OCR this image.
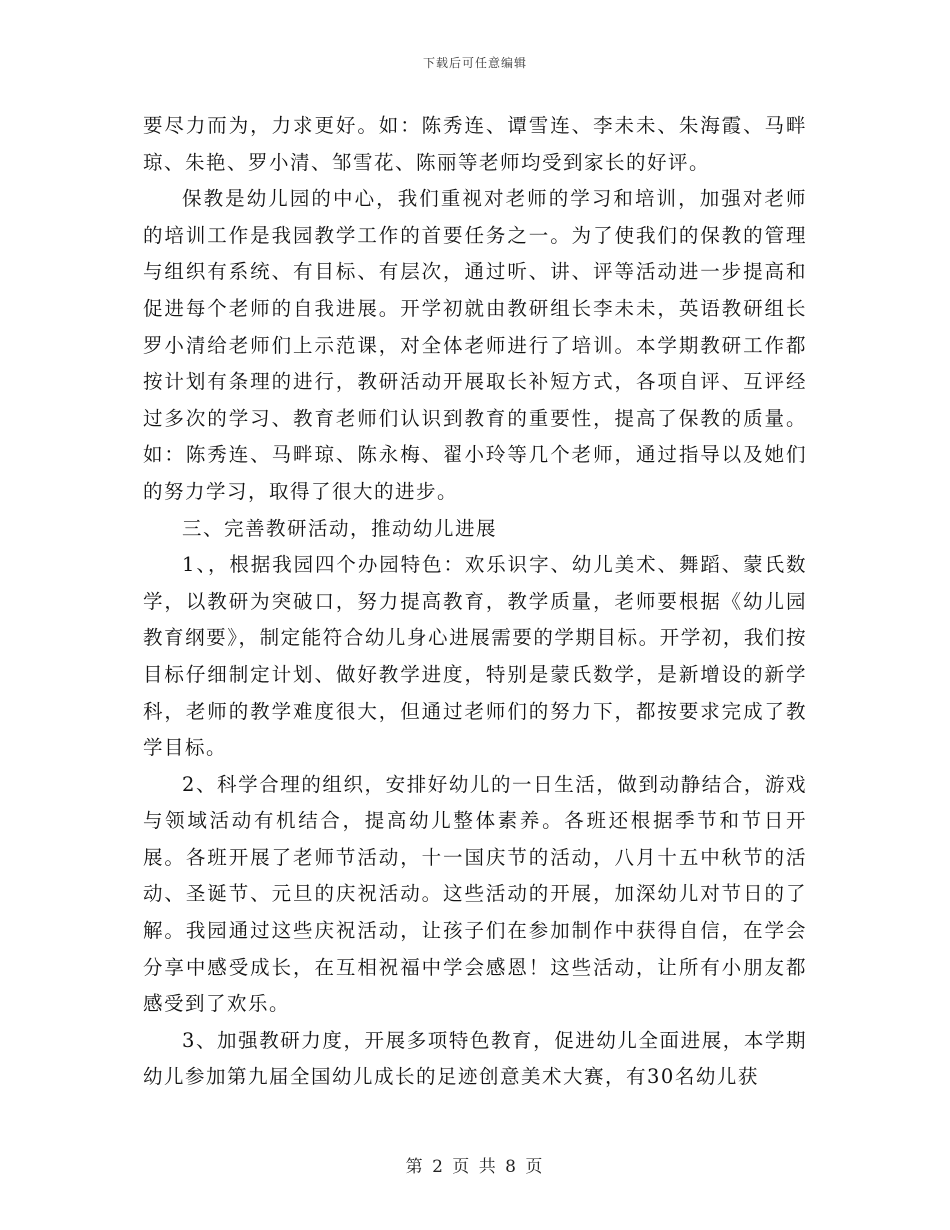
下载后可任意编辑

要尽力而为，力求更好。如：陈秀连、谭雪连、李未未、朱海霞、马畔琼、朱艳、罗小清、邹雪花、陈丽等老师均受到家长的好评。

保教是幼儿园的中心，我们重视对老师的学习和培训，加强对老师的培训工作是我园教学工作的首要任务之一。为了使我们的保教的管理与组织有系统、有目标、有层次，通过听、讲、评等活动进一步提高和促进每个老师的自我进展。开学初就由教研组长李未未，英语教研组长罗小清给老师们上示范课，对全体老师进行了培训。本学期教研工作都按计划有条理的进行，教研活动开展取长补短方式，各项自评、互评经过多次的学习、教育老师们认识到教育的重要性，提高了保教的质量。如：陈秀连、马畔琼、陈永梅、翟小玲等几个老师，通过指导以及她们的努力学习，取得了很大的进步。

三、完善教研活动，推动幼儿进展

1、，根据我园四个办园特色：欢乐识字、幼儿美术、舞蹈、蒙氏数学，以教研为突破口，努力提高教育，教学质量，老师要根据《幼儿园教育纲要》，制定能符合幼儿身心进展需要的学期目标。开学初，我们按目标仔细制定计划、做好教学进度，特别是蒙氏数学，是新增设的新学科，老师的教学难度很大，但通过老师们的努力下，都按要求完成了教学目标。

2、科学合理的组织，安排好幼儿的一日生活，做到动静结合，游戏与领域活动有机结合，提高幼儿整体素养。各班还根据季节和节日开展。各班开展了老师节活动，十一国庆节的活动，八月十五中秋节的活动、圣诞节、元旦的庆祝活动。这些活动的开展，加深幼儿对节日的了解。我园通过这些庆祝活动，让孩子们在参加制作中获得自信，在学会分享中感受成长，在互相祝福中学会感恩！这些活动，让所有小朋友都感受到了欢乐。

3、加强教研力度，开展多项特色教育，促进幼儿全面进展，本学期幼儿参加第九届全国幼儿成长的足迹创意美术大赛，有30名幼儿获

第 2 页 共 8 页
